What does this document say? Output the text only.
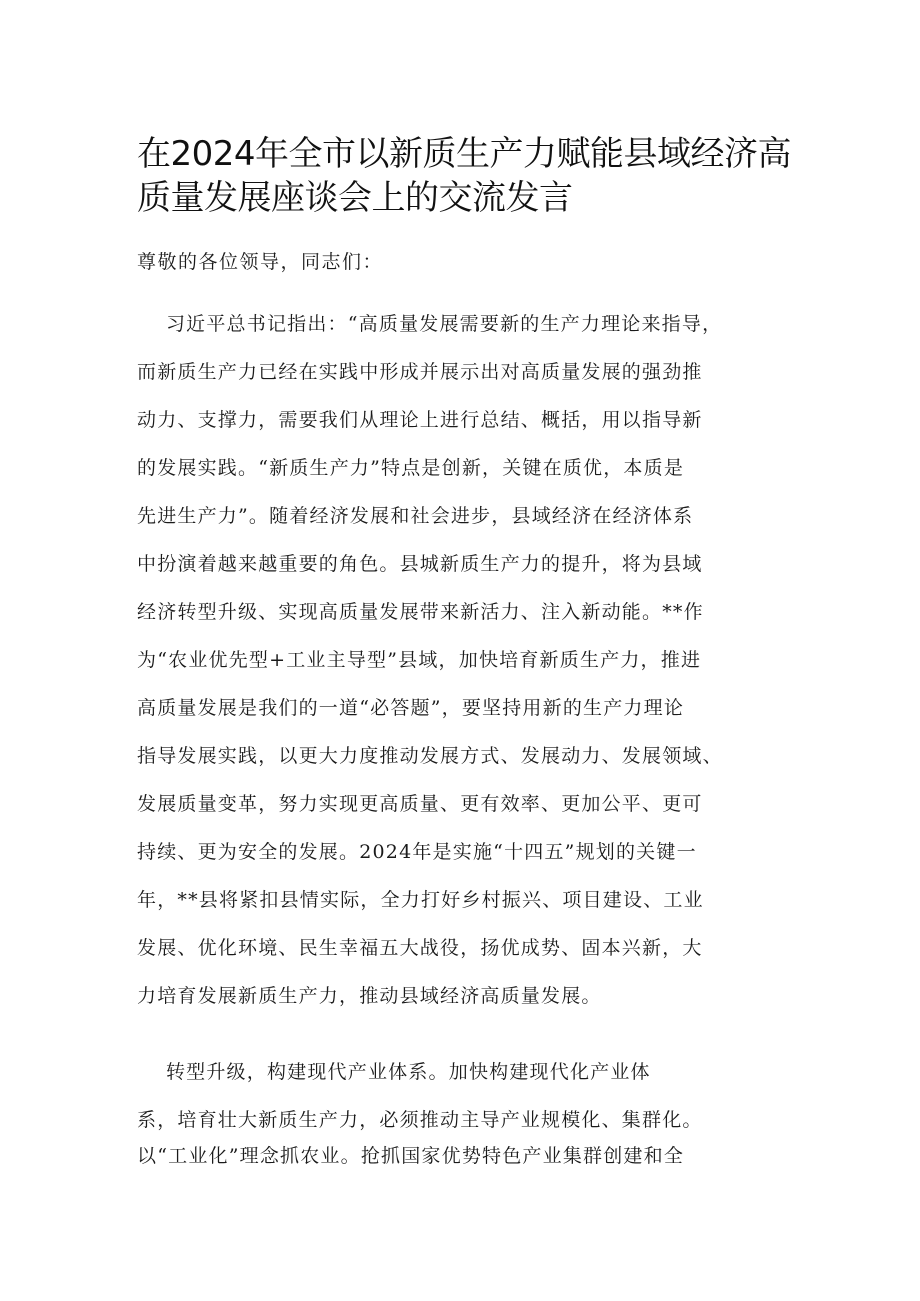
在2024年全市以新质生产力赋能县域经济高
质量发展座谈会上的交流发言

尊敬的各位领导，同志们：

习近平总书记指出：“高质量发展需要新的生产力理论来指导，
而新质生产力已经在实践中形成并展示出对高质量发展的强劲推
动力、支撑力，需要我们从理论上进行总结、概括，用以指导新
的发展实践。“新质生产力”特点是创新，关键在质优，本质是
先进生产力”。随着经济发展和社会进步，县域经济在经济体系
中扮演着越来越重要的角色。县城新质生产力的提升，将为县域
经济转型升级、实现高质量发展带来新活力、注入新动能。**作
为“农业优先型+工业主导型”县域，加快培育新质生产力，推进
高质量发展是我们的一道“必答题”，要坚持用新的生产力理论
指导发展实践，以更大力度推动发展方式、发展动力、发展领域、
发展质量变革，努力实现更高质量、更有效率、更加公平、更可
持续、更为安全的发展。2024年是实施“十四五”规划的关键一
年，**县将紧扣县情实际，全力打好乡村振兴、项目建设、工业
发展、优化环境、民生幸福五大战役，扬优成势、固本兴新，大
力培育发展新质生产力，推动县域经济高质量发展。
转型升级，构建现代产业体系。加快构建现代化产业体
系，培育壮大新质生产力，必须推动主导产业规模化、集群化。
以“工业化”理念抓农业。抢抓国家优势特色产业集群创建和全
